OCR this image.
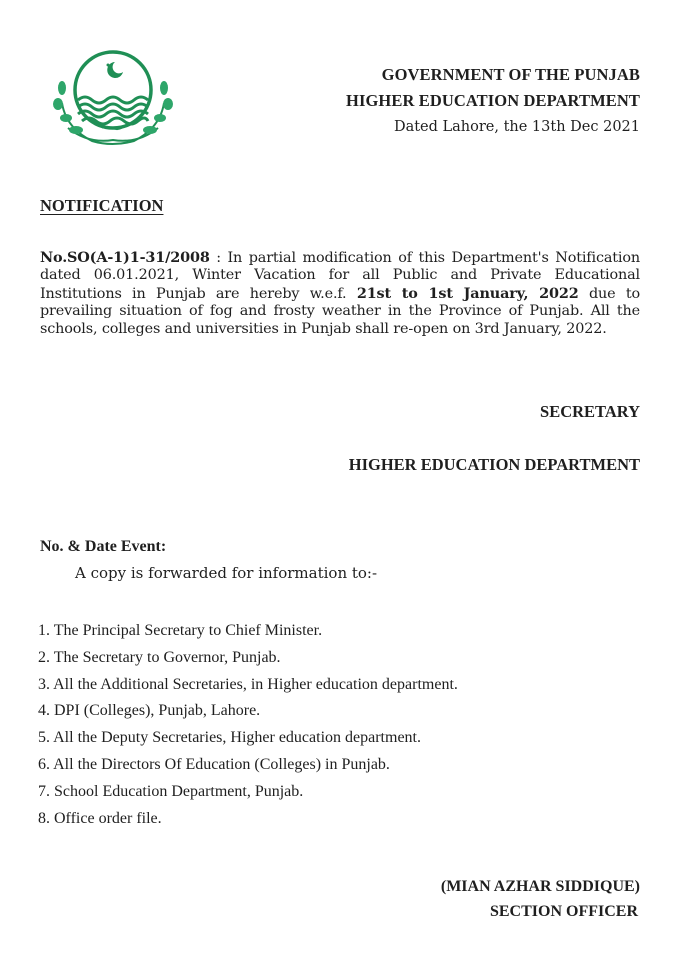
GOVERNMENT OF THE PUNJAB
HIGHER EDUCATION DEPARTMENT
Dated Lahore, the 13th Dec 2021
NOTIFICATION
No.SO(A-1)1-31/2008 : In partial modification of this Department's Notification dated 06.01.2021, Winter Vacation for all Public and Private Educational Institutions in Punjab are hereby w.e.f. 21st to 1st January, 2022 due to prevailing situation of fog and frosty weather in the Province of Punjab. All the schools, colleges and universities in Punjab shall re-open on 3rd January, 2022.
SECRETARY
HIGHER EDUCATION DEPARTMENT
No. & Date Event:
A copy is forwarded for information to:-
1. The Principal Secretary to Chief Minister.
2. The Secretary to Governor, Punjab.
3. All the Additional Secretaries, in Higher education department.
4. DPI (Colleges), Punjab, Lahore.
5. All the Deputy Secretaries, Higher education department.
6. All the Directors Of Education (Colleges) in Punjab.
7. School Education Department, Punjab.
8. Office order file.
(MIAN AZHAR SIDDIQUE)
SECTION OFFICER
